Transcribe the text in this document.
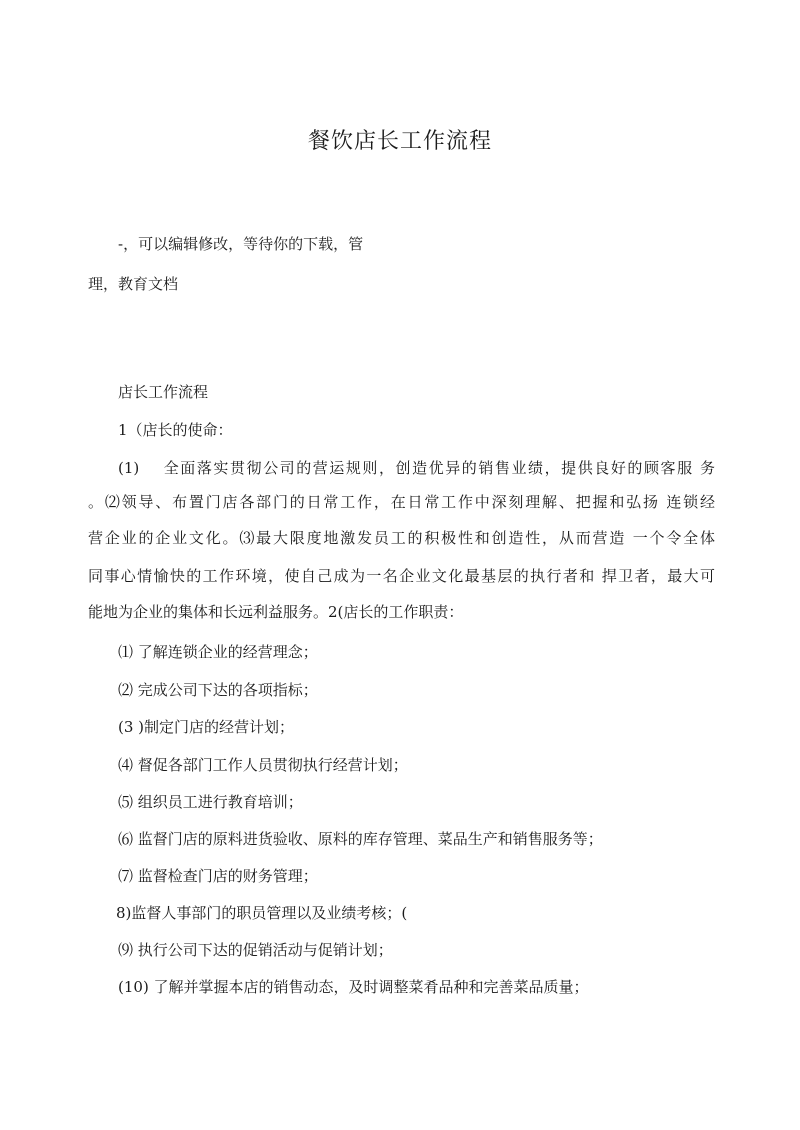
餐饮店长工作流程
-，可以编辑修改，等待你的下载，管
理，教育文档
店长工作流程
1（店长的使命：
(1)　 全面落实贯彻公司的营运规则，创造优异的销售业绩，提供良好的顾客服 务
。⑵领导、布置门店各部门的日常工作，在日常工作中深刻理解、把握和弘扬 连锁经
营企业的企业文化。⑶最大限度地激发员工的积极性和创造性，从而营造 一个令全体
同事心情愉快的工作环境，使自己成为一名企业文化最基层的执行者和 捍卫者，最大可
能地为企业的集体和长远利益服务。2(店长的工作职责：
⑴ 了解连锁企业的经营理念；
⑵ 完成公司下达的各项指标；
(3 )制定门店的经营计划；
⑷ 督促各部门工作人员贯彻执行经营计划；
⑸ 组织员工进行教育培训；
⑹ 监督门店的原料进货验收、原料的库存管理、菜品生产和销售服务等；
⑺ 监督检查门店的财务管理；
8)监督人事部门的职员管理以及业绩考核；(
⑼ 执行公司下达的促销活动与促销计划；
(10) 了解并掌握本店的销售动态，及时调整菜肴品种和完善菜品质量；
